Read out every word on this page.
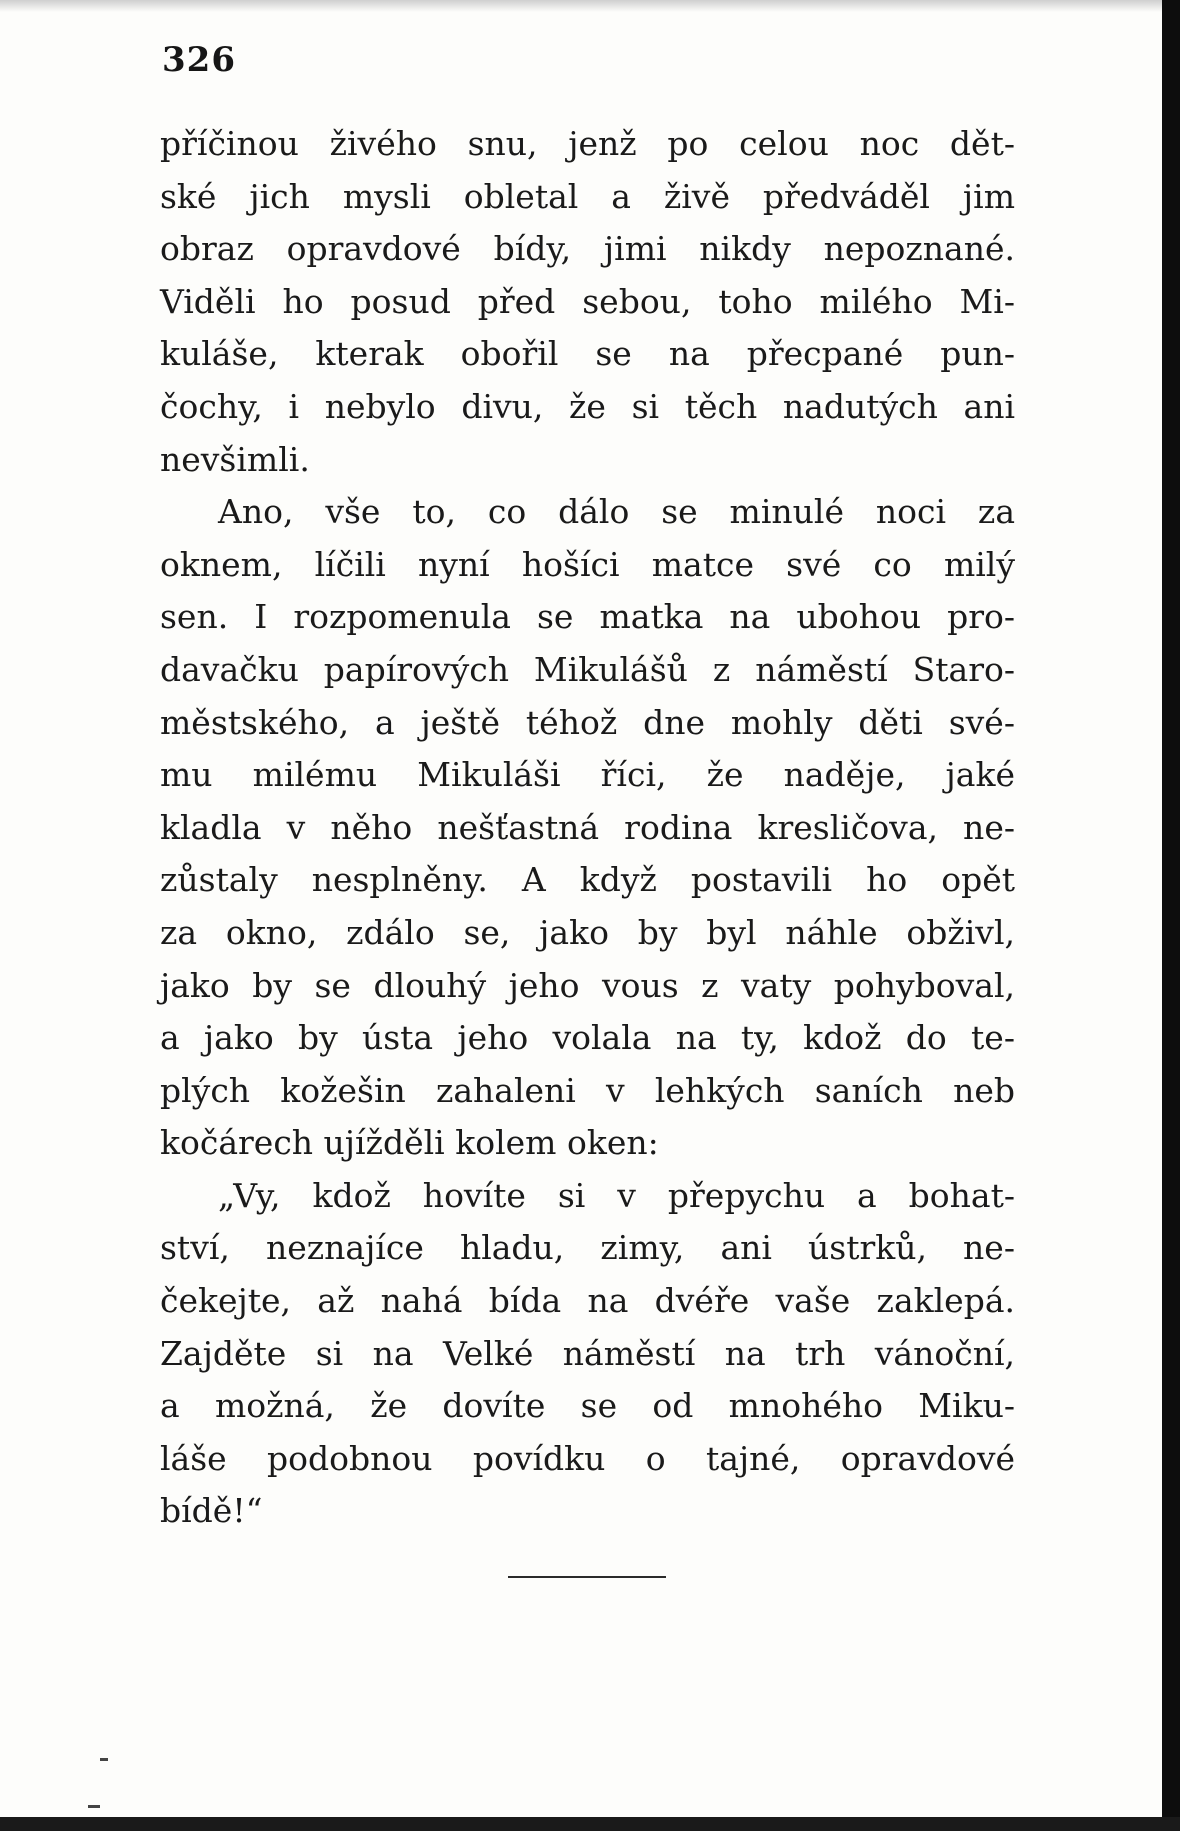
326
příčinou živého snu, jenž po celou noc dět-
ské jich mysli obletal a živě předváděl jim
obraz opravdové bídy, jimi nikdy nepoznané.
Viděli ho posud před sebou, toho milého Mi-
kuláše, kterak obořil se na přecpané pun-
čochy, i nebylo divu, že si těch nadutých ani
nevšimli.
Ano, vše to, co dálo se minulé noci za
oknem, líčili nyní hošíci matce své co milý
sen. I rozpomenula se matka na ubohou pro-
davačku papírových Mikulášů z náměstí Staro-
městského, a ještě téhož dne mohly děti své-
mu milému Mikuláši říci, že naděje, jaké
kladla v něho nešťastná rodina kresličova, ne-
zůstaly nesplněny. A když postavili ho opět
za okno, zdálo se, jako by byl náhle obživl,
jako by se dlouhý jeho vous z vaty pohyboval,
a jako by ústa jeho volala na ty, kdož do te-
plých kožešin zahaleni v lehkých saních neb
kočárech ujížděli kolem oken:
„Vy, kdož hovíte si v přepychu a bohat-
ství, neznajíce hladu, zimy, ani ústrků, ne-
čekejte, až nahá bída na dvéře vaše zaklepá.
Zajděte si na Velké náměstí na trh vánoční,
a možná, že dovíte se od mnohého Miku-
láše podobnou povídku o tajné, opravdové
bídě!“
